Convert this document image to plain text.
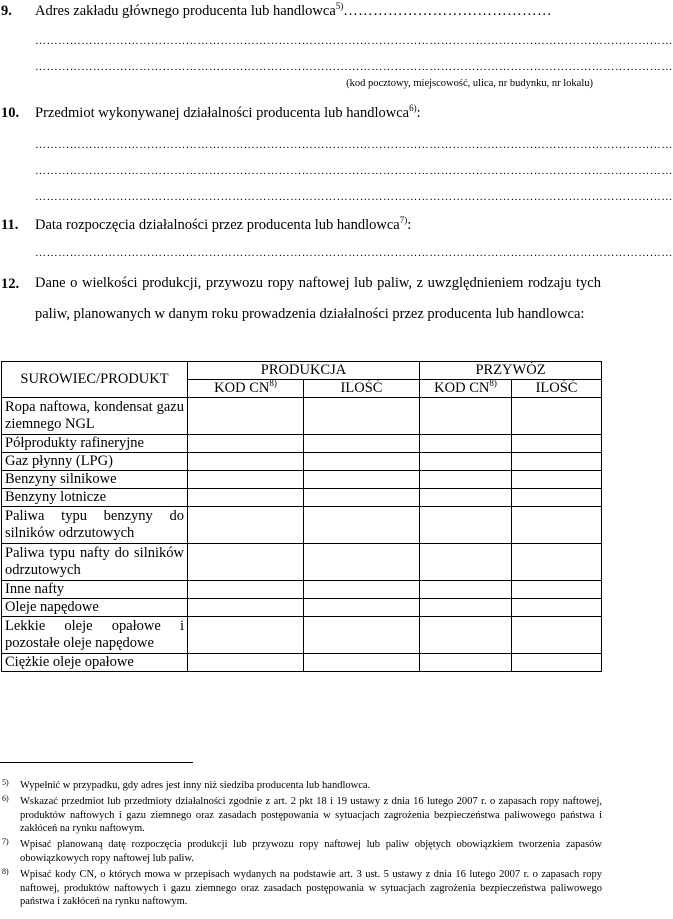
9. Adres zakładu głównego producenta lub handlowca$^{5)}$……………………………………
…………………………………………………………………………………………………………………………………………………
…………………………………………………………………………………………………………………………………………………
(kod pocztowy, miejscowość, ulica, nr budynku, nr lokalu)
10. Przedmiot wykonywanej działalności producenta lub handlowca$^{6)}$:
…………………………………………………………………………………………………………………………………………………
…………………………………………………………………………………………………………………………………………………
…………………………………………………………………………………………………………………………………………………
11. Data rozpoczęcia działalności przez producenta lub handlowca$^{7)}$:
…………………………………………………………………………………………………………………………………………………
12. Dane o wielkości produkcji, przywozu ropy naftowej lub paliw, z uwzględnieniem rodzaju tych paliw, planowanych w danym roku prowadzenia działalności przez producenta lub handlowca:
SUROWIEC/PRODUKT	PRODUKCJA		PRZYWÓZ	
	KOD CN$^{8)}$	ILOŚĆ	KOD CN$^{8)}$	ILOŚĆ
Ropa naftowa, kondensat gazu ziemnego NGL				
Półprodukty rafineryjne				
Gaz płynny (LPG)				
Benzyny silnikowe				
Benzyny lotnicze				
Paliwa typu benzyny do silników odrzutowych				
Paliwa typu nafty do silników odrzutowych				
Inne nafty				
Oleje napędowe				
Lekkie oleje opałowe i pozostałe oleje napędowe				
Ciężkie oleje opałowe				
5) Wypełnić w przypadku, gdy adres jest inny niż siedziba producenta lub handlowca.
6) Wskazać przedmiot lub przedmioty działalności zgodnie z art. 2 pkt 18 i 19 ustawy z dnia 16 lutego 2007 r. o zapasach ropy naftowej, produktów naftowych i gazu ziemnego oraz zasadach postępowania w sytuacjach zagrożenia bezpieczeństwa paliwowego państwa i zakłóceń na rynku naftowym.
7) Wpisać planowaną datę rozpoczęcia produkcji lub przywozu ropy naftowej lub paliw objętych obowiązkiem tworzenia zapasów obowiązkowych ropy naftowej lub paliw.
8) Wpisać kody CN, o których mowa w przepisach wydanych na podstawie art. 3 ust. 5 ustawy z dnia 16 lutego 2007 r. o zapasach ropy naftowej, produktów naftowych i gazu ziemnego oraz zasadach postępowania w sytuacjach zagrożenia bezpieczeństwa paliwowego państwa i zakłóceń na rynku naftowym.
